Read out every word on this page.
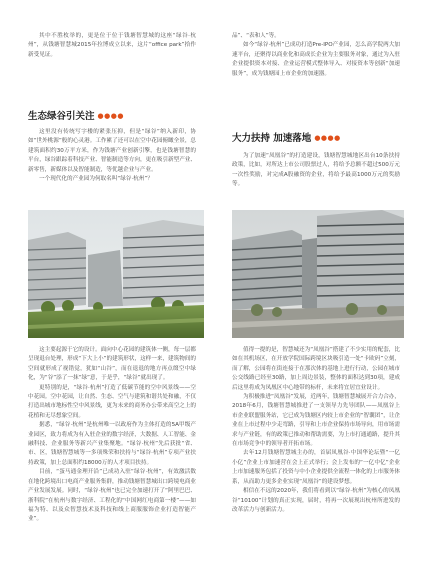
其中不胜枚举的，更是位于位于钱塘智慧城的这座“绿谷·杭州”，从钱塘智慧城2015年拉博成立以来，这片“office park”拾作新受见证。

生态绿谷引关注 ●●●●

这里没有传统写字楼的紧张压抑，但是“绿谷”纳入新印，协如“世外桃源”般的心灵港。工作累了还可以在空中花园俯瞰全景，总建筑面积约30万平方米，作为钱塘产业创新引擎，也是钱塘智慧的平台，绿谷跟踪着科技产业、智能制造等方向，更在吸引新型产业、新零售，新媒体以及智能制造，等优越企业与产业。

一个现代化的产业园为何取名叫“绿谷·杭州”？

这主要起源于它的设计。面向中心花园的建筑体一侧，每一层都呈现退台处理，形成“下大上小”的建筑形状，这样一来，建筑物间的空间就形成了视错觉，犹如“山谷”，而在退退的地方再点缀空中绿化，为“谷”添了一抹“绿”意，于是乎，“绿谷”就出现了。

更特别的是，“绿谷·杭州”打造了低碳节能的空中风景线——空中花园。空中花园，让自然、生态、空气与建筑和谐共处和融，不仅打造出城市地标性空中风景线，更为未来的商务办公带来高空之上的花植和无尽想象空间。

据悉，“绿谷·杭州”是杭州唯一以政府作为主体打造的5A甲级产业园区，致力将成为有入驻企业的数字经济，大数据、人工智能、金融科技、企业服务等新兴产业集聚地。“绿谷·杭州”先后获批“省、市、区，钱塘智慧城等一多项殊荣和扶持与“绿谷·杭州”专项产业扶持政策，加上总面积约18000万的人才项目扶持。

目前，“蛋马通金理开沿”已成功入驻“绿谷·杭州”，有效激活数在地化跨境出口电商产业服务集群，推动钱塘智慧城出口跨境电商业产业发展发展。同时，“绿谷·杭州”也已完全加速打开了“阿里巴巴、浙科院”在杭州与数字经济、工程化的“中国网红电商第一楼”——如福为特、以及众智慧技术及科技和线上商服服饰企业打造智能产业”。

品”、“表和人”等。

如今“绿谷·杭州”已成功打造Pre-IPO产业园，怎么高学院两大加速平台，还聚得以商业化和高成长企业为主要服务对象，通过为入驻企业提供资本对接、企业运营模式整体导入、对接资本等创新“加速服务”，成为钱塘园上市企业的加速器。

大力扶持 加速落地 ●●●●

为了加速“凤凰谷”的打造建设，钱塘智慧城地区出台10条扶持政策，比如，对所达上市公司股票过人，将给予总额不超过500万元一次性奖励，对完成A股融资的企业，将给予最高1000万元的奖励等。

值得一提的是，智慧城还为“凤凰谷”搭建了不少实用的配套，比如在其机场区，在开放学院国际跨境区块吸引造一处“卡欧码”立刻，而了解，公园将在街连接于在那次体的基地上进行行动，公园在城市公交线路已经至30路，加上周边景装，整体的面积达到30项，建成后这里将成为凤凰区中心地带的标杆，未来将宜居宜业设计。

为积极推进“凤凰谷”发展，近两年，钱塘智慧城展开合力合办，2018年6月，钱塘智慧城推进了一支领导力先导团队——凤凰谷上市企业联盟服务站，它已成为钱塘区内较上市企业的“智囊团”，让企业在上市过程中少走弯路，引导和上市企业保持市场导向，用市场需求与产业链，有的政策已推动和帮助需要，为上市打通通路，提升其在市场竞争中的领导者开拓市场。

去年12月钱塘智慧城主办的，首届凤凰谷·中国华论坛暨“一亿小亿”企业上市加速营在会上正式举行；会上发布的“一亿中亿”企业上市加速服务包括了投资与中小企业提供全流程一体化的上市服务体系，从而助力更多企业实现“凤凰谷”的建设梦想。

相信在不远的2020年，我们将看到以“绿谷·杭州”为核心的凤凰谷“10100”计划的真正实现，届时，将再一次展现出杭州所进发的改革活力与创新活力。
